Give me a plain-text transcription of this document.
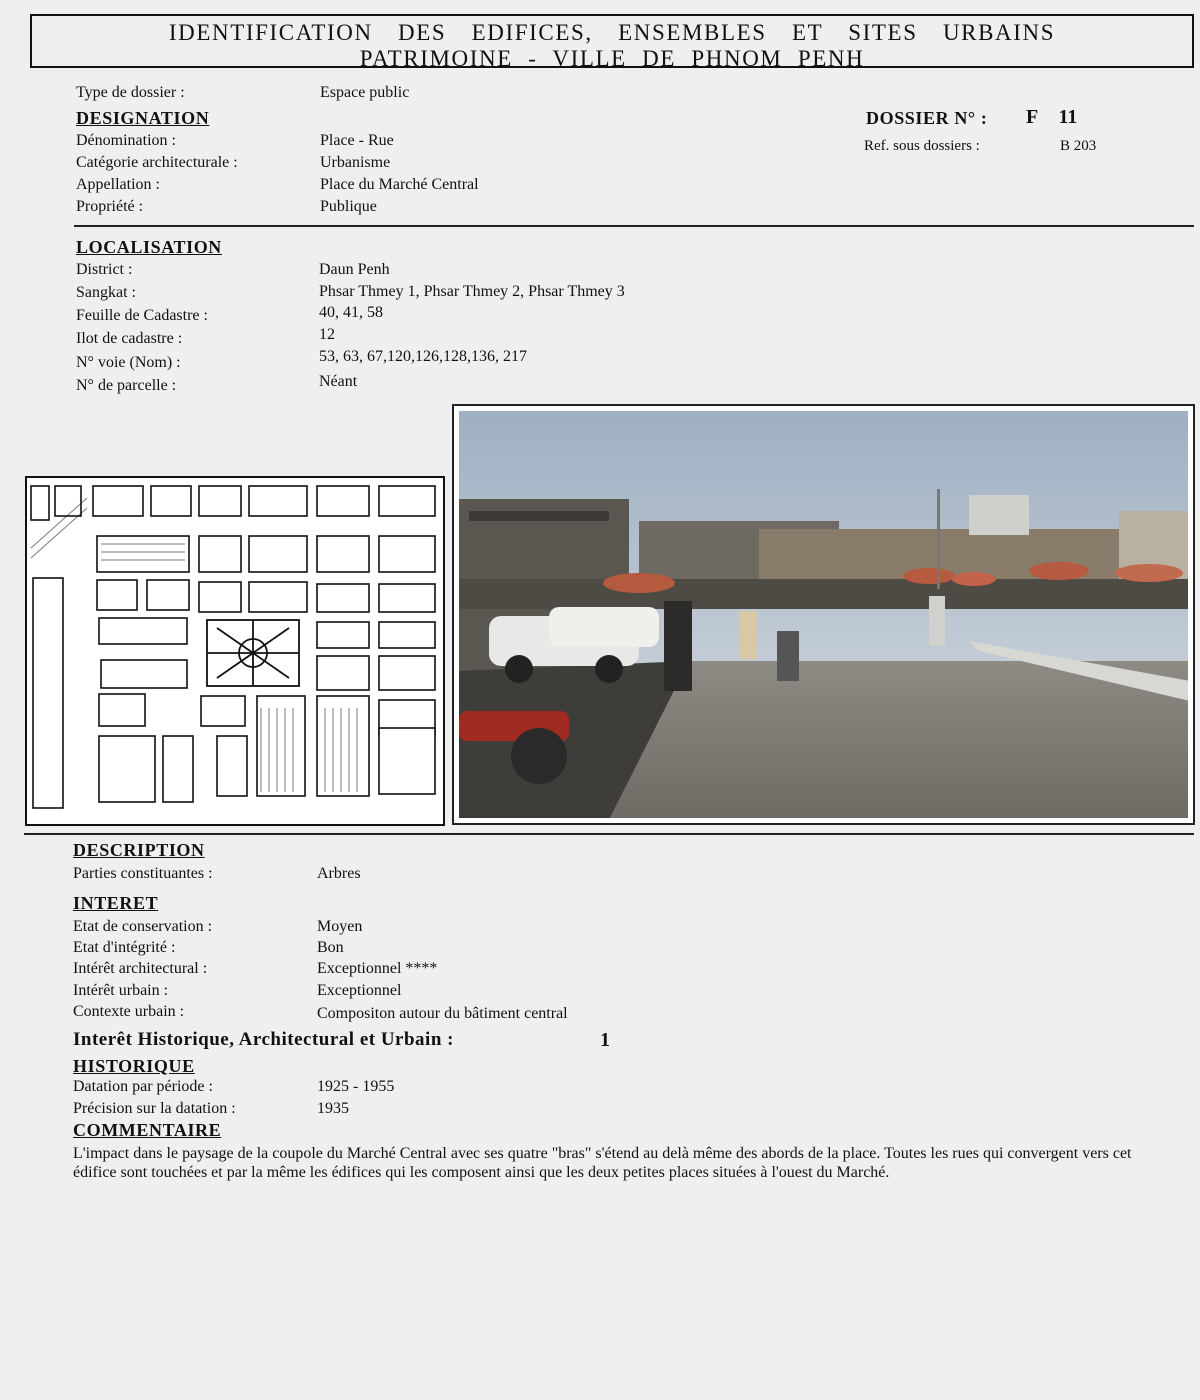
IDENTIFICATION DES EDIFICES, ENSEMBLES ET SITES URBAINS
PATRIMOINE - VILLE DE PHNOM PENH
Type de dossier :	Espace public
DOSSIER N° : F 11
Ref. sous dossiers :	B 203
DESIGNATION
Dénomination :	Place - Rue
Catégorie architecturale :	Urbanisme
Appellation :	Place du Marché Central
Propriété :	Publique
LOCALISATION
District :	Daun Penh
Sangkat :	Phsar Thmey 1, Phsar Thmey 2, Phsar Thmey 3
Feuille de Cadastre :	40, 41, 58
Ilot de cadastre :	12
N° voie (Nom) :	53, 63, 67,120,126,128,136, 217
N° de parcelle :	Néant
DESCRIPTION
Parties constituantes :	Arbres
INTERET
Etat de conservation :	Moyen
Etat d'intégrité :	Bon
Intérêt architectural :	Exceptionnel ****
Intérêt urbain :	Exceptionnel
Contexte urbain :	Compositon autour du bâtiment central
Interêt Historique, Architectural et Urbain :	1
HISTORIQUE
Datation par période :	1925 - 1955
Précision sur la datation :	1935
COMMENTAIRE
L'impact dans le paysage de la coupole du Marché Central avec ses quatre "bras" s'étend au delà même des abords de la place. Toutes les rues qui convergent vers cet édifice sont touchées et par la même les édifices qui les composent ainsi que les deux petites places situées à l'ouest du Marché.
